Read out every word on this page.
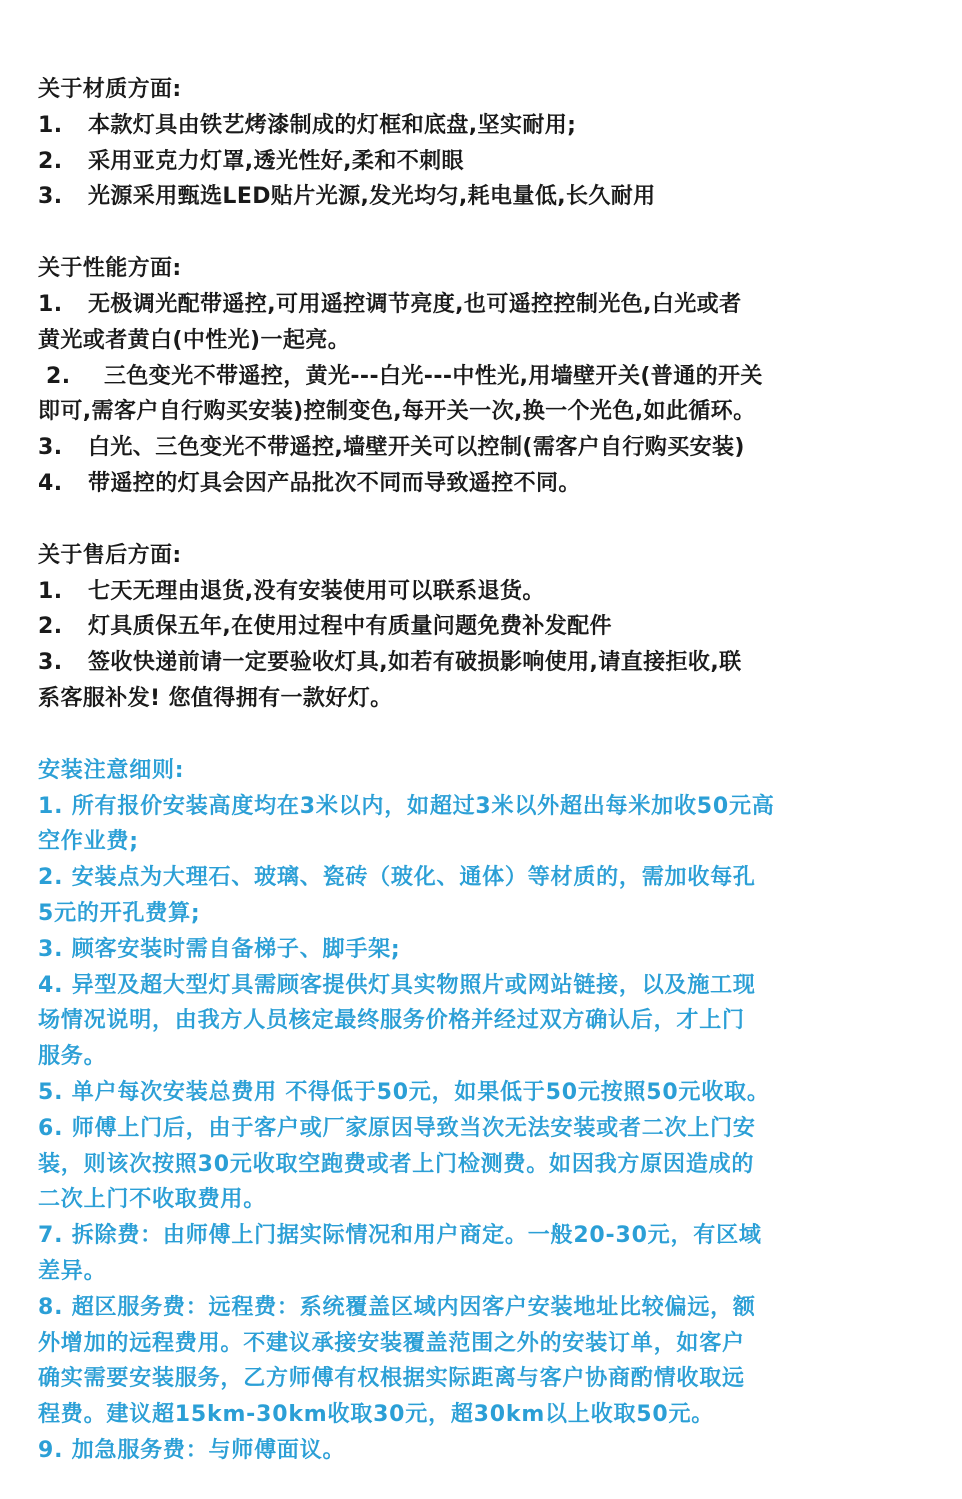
关于材质方面:
1. 本款灯具由铁艺烤漆制成的灯框和底盘,坚实耐用;
2. 采用亚克力灯罩,透光性好,柔和不刺眼
3. 光源采用甄选LED贴片光源,发光均匀,耗电量低,长久耐用
关于性能方面:
1. 无极调光配带遥控,可用遥控调节亮度,也可遥控控制光色,白光或者
黄光或者黄白(中性光)一起亮。
2. 三色变光不带遥控，黄光---白光---中性光,用墙壁开关(普通的开关
即可,需客户自行购买安装)控制变色,每开关一次,换一个光色,如此循环。
3. 白光、三色变光不带遥控,墙壁开关可以控制(需客户自行购买安装)
4. 带遥控的灯具会因产品批次不同而导致遥控不同。
关于售后方面:
1. 七天无理由退货,没有安装使用可以联系退货。
2. 灯具质保五年,在使用过程中有质量问题免费补发配件
3. 签收快递前请一定要验收灯具,如若有破损影响使用,请直接拒收,联
系客服补发! 您值得拥有一款好灯。
安装注意细则:
1. 所有报价安装高度均在3米以内，如超过3米以外超出每米加收50元高
空作业费;
2. 安装点为大理石、玻璃、瓷砖（玻化、通体）等材质的，需加收每孔
5元的开孔费算;
3. 顾客安装时需自备梯子、脚手架;
4. 异型及超大型灯具需顾客提供灯具实物照片或网站链接，以及施工现
场情况说明，由我方人员核定最终服务价格并经过双方确认后，才上门
服务。
5. 单户每次安装总费用 不得低于50元，如果低于50元按照50元收取。
6. 师傅上门后，由于客户或厂家原因导致当次无法安装或者二次上门安
装，则该次按照30元收取空跑费或者上门检测费。如因我方原因造成的
二次上门不收取费用。
7. 拆除费：由师傅上门据实际情况和用户商定。一般20-30元，有区域
差异。
8. 超区服务费：远程费：系统覆盖区域内因客户安装地址比较偏远，额
外增加的远程费用。不建议承接安装覆盖范围之外的安装订单，如客户
确实需要安装服务，乙方师傅有权根据实际距离与客户协商酌情收取远
程费。建议超15km-30km收取30元，超30km以上收取50元。
9. 加急服务费：与师傅面议。
